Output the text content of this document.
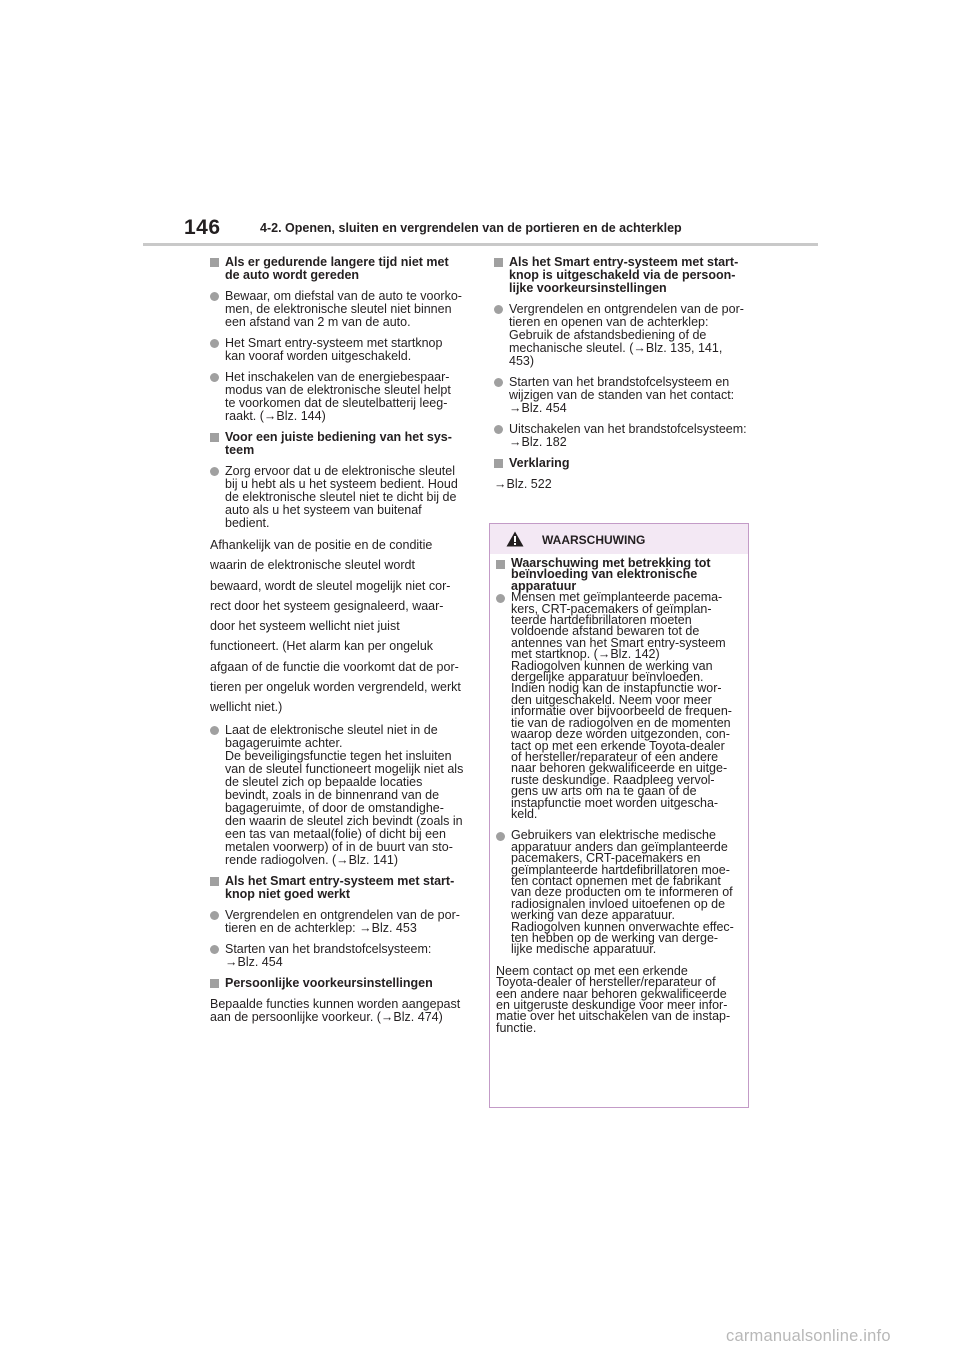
146	4-2. Openen, sluiten en vergrendelen van de portieren en de achterklep
Als er gedurende langere tijd niet met
de auto wordt gereden
Bewaar, om diefstal van de auto te voorko-
men, de elektronische sleutel niet binnen
een afstand van 2 m van de auto.
Het Smart entry-systeem met startknop
kan vooraf worden uitgeschakeld.
Het inschakelen van de energiebespaar-
modus van de elektronische sleutel helpt
te voorkomen dat de sleutelbatterij leeg-
raakt. (→Blz. 144)
Voor een juiste bediening van het sys-
teem
Zorg ervoor dat u de elektronische sleutel
bij u hebt als u het systeem bedient. Houd
de elektronische sleutel niet te dicht bij de
auto als u het systeem van buitenaf
bedient.
Afhankelijk van de positie en de conditie
waarin de elektronische sleutel wordt
bewaard, wordt de sleutel mogelijk niet cor-
rect door het systeem gesignaleerd, waar-
door het systeem wellicht niet juist
functioneert. (Het alarm kan per ongeluk
afgaan of de functie die voorkomt dat de por-
tieren per ongeluk worden vergrendeld, werkt
wellicht niet.)
Laat de elektronische sleutel niet in de
bagageruimte achter.
De beveiligingsfunctie tegen het insluiten
van de sleutel functioneert mogelijk niet als
de sleutel zich op bepaalde locaties
bevindt, zoals in de binnenrand van de
bagageruimte, of door de omstandighe-
den waarin de sleutel zich bevindt (zoals in
een tas van metaal(folie) of dicht bij een
metalen voorwerp) of in de buurt van sto-
rende radiogolven. (→Blz. 141)
Als het Smart entry-systeem met start-
knop niet goed werkt
Vergrendelen en ontgrendelen van de por-
tieren en de achterklep: →Blz. 453
Starten van het brandstofcelsysteem:
→Blz. 454
Persoonlijke voorkeursinstellingen
Bepaalde functies kunnen worden aangepast
aan de persoonlijke voorkeur. (→Blz. 474)
Als het Smart entry-systeem met start-
knop is uitgeschakeld via de persoon-
lijke voorkeursinstellingen
Vergrendelen en ontgrendelen van de por-
tieren en openen van de achterklep:
Gebruik de afstandsbediening of de
mechanische sleutel. (→Blz. 135, 141,
453)
Starten van het brandstofcelsysteem en
wijzigen van de standen van het contact:
→Blz. 454
Uitschakelen van het brandstofcelsysteem:
→Blz. 182
Verklaring
→Blz. 522
WAARSCHUWING
Waarschuwing met betrekking tot
beïnvloeding van elektronische
apparatuur
Mensen met geïmplanteerde pacema-
kers, CRT-pacemakers of geïmplan-
teerde hartdefibrillatoren moeten
voldoende afstand bewaren tot de
antennes van het Smart entry-systeem
met startknop. (→Blz. 142)
Radiogolven kunnen de werking van
dergelijke apparatuur beïnvloeden.
Indien nodig kan de instapfunctie wor-
den uitgeschakeld. Neem voor meer
informatie over bijvoorbeeld de frequen-
tie van de radiogolven en de momenten
waarop deze worden uitgezonden, con-
tact op met een erkende Toyota-dealer
of hersteller/reparateur of een andere
naar behoren gekwalificeerde en uitge-
ruste deskundige. Raadpleeg vervol-
gens uw arts om na te gaan of de
instapfunctie moet worden uitgescha-
keld.
Gebruikers van elektrische medische
apparatuur anders dan geïmplanteerde
pacemakers, CRT-pacemakers en
geïmplanteerde hartdefibrillatoren moe-
ten contact opnemen met de fabrikant
van deze producten om te informeren of
radiosignalen invloed uitoefenen op de
werking van deze apparatuur.
Radiogolven kunnen onverwachte effec-
ten hebben op de werking van derge-
lijke medische apparatuur.
Neem contact op met een erkende
Toyota-dealer of hersteller/reparateur of
een andere naar behoren gekwalificeerde
en uitgeruste deskundige voor meer infor-
matie over het uitschakelen van de instap-
functie.
carmanualsonline.info
